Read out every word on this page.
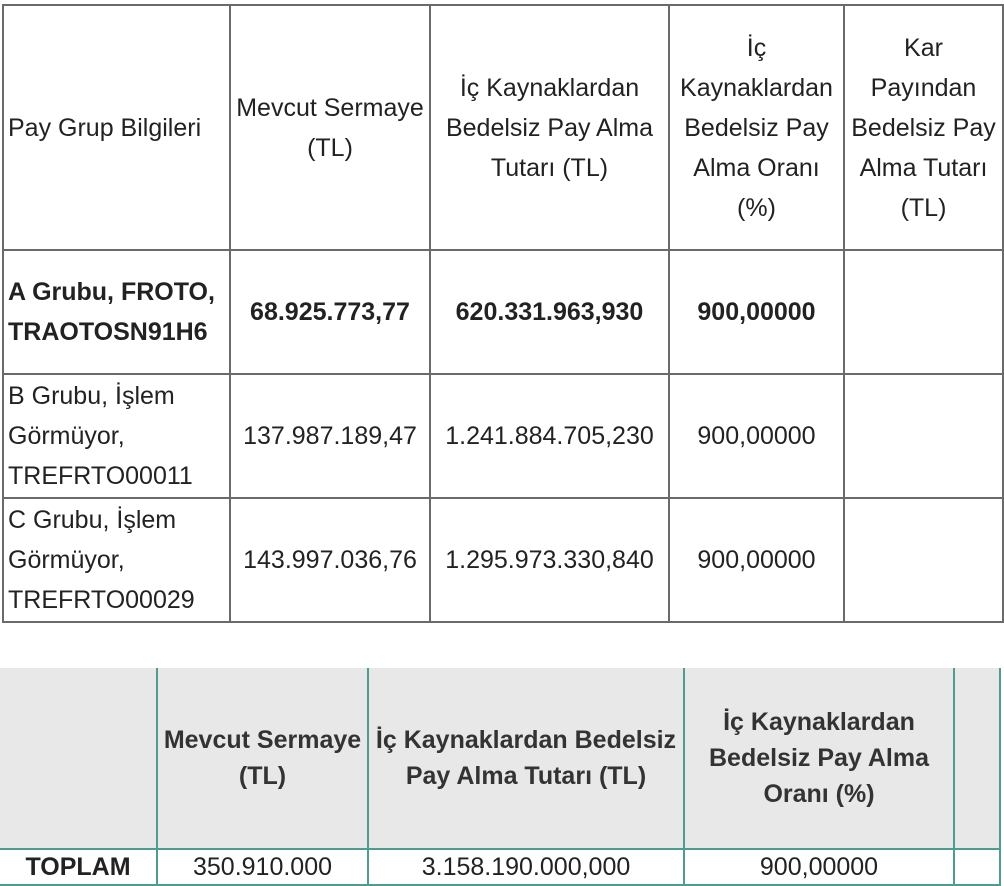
Pay Grup Bilgileri	Mevcut Sermaye (TL)	İç Kaynaklardan Bedelsiz Pay Alma Tutarı (TL)	İç Kaynaklardan Bedelsiz Pay Alma Oranı (%)	Kar Payından Bedelsiz Pay Alma Tutarı (TL)
A Grubu, FROTO, TRAOTOSN91H6	68.925.773,77	620.331.963,930	900,00000	
B Grubu, İşlem Görmüyor, TREFRTO00011	137.987.189,47	1.241.884.705,230	900,00000	
C Grubu, İşlem Görmüyor, TREFRTO00029	143.997.036,76	1.295.973.330,840	900,00000	
	Mevcut Sermaye (TL)	İç Kaynaklardan Bedelsiz Pay Alma Tutarı (TL)	İç Kaynaklardan Bedelsiz Pay Alma Oranı (%)	
TOPLAM	350.910.000	3.158.190.000,000	900,00000	
